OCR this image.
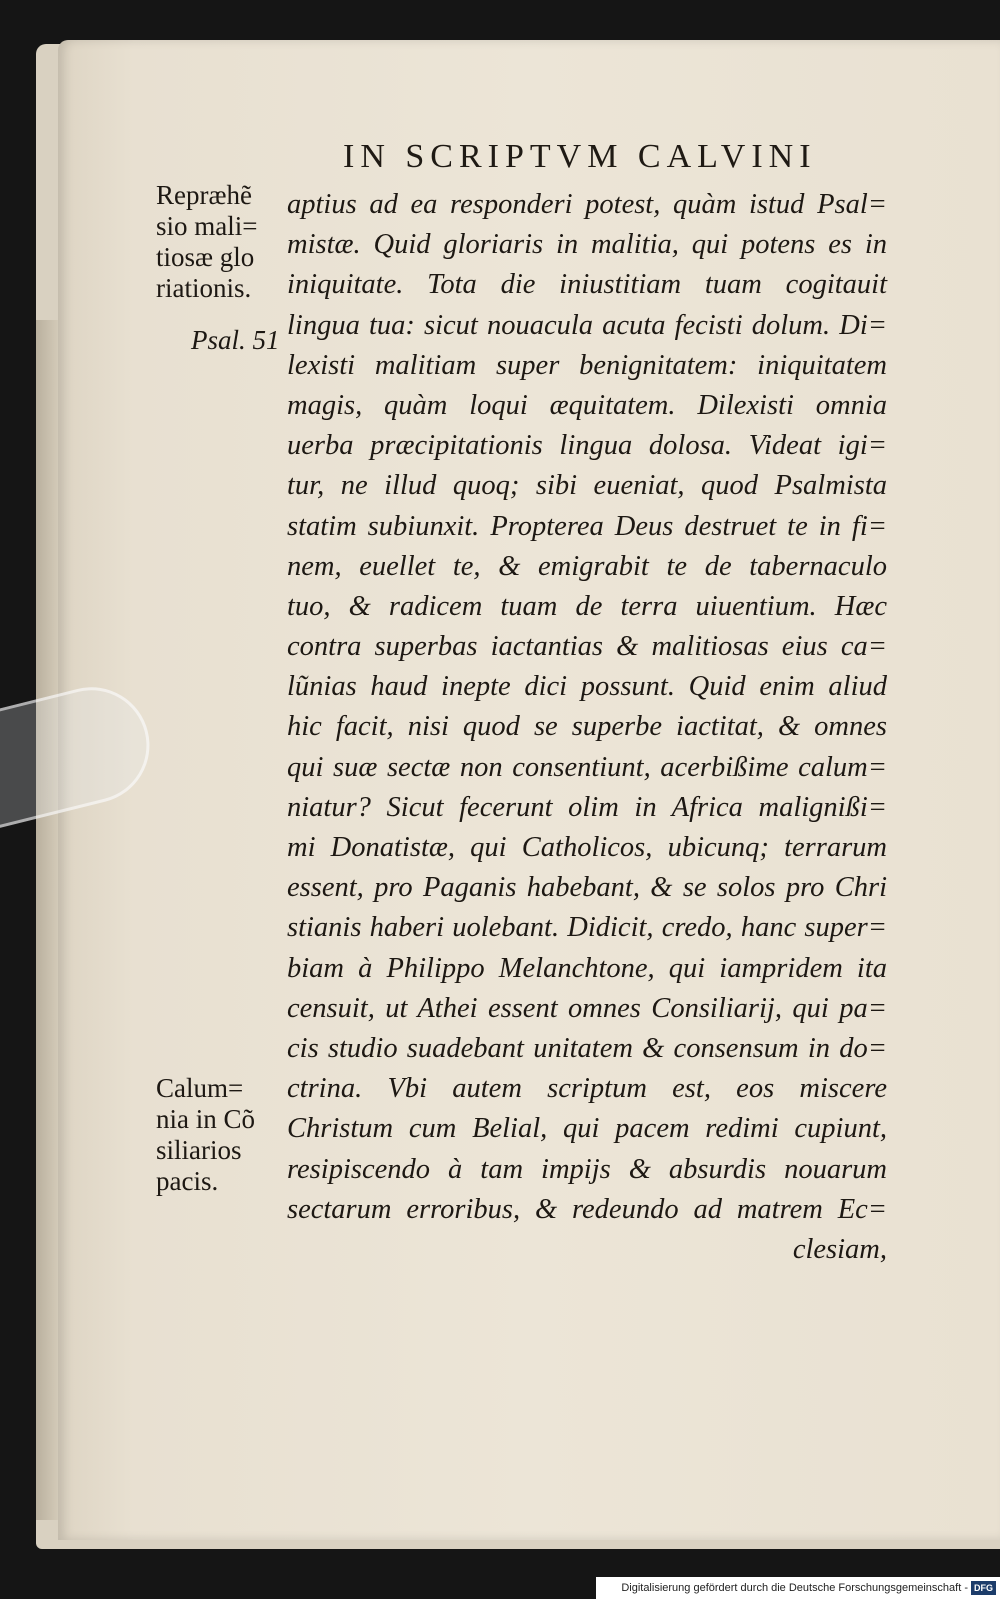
IN SCRIPTVM CALVINI
Repræhẽ
sio mali=
tiosæ glo
riationis.
Psal. 51
Calum=
nia in Cõ
siliarios
pacis.
aptius ad ea responderi potest, quàm istud Psal=
mistæ. Quid gloriaris in malitia, qui potens es in
iniquitate. Tota die iniustitiam tuam cogitauit
lingua tua: sicut nouacula acuta fecisti dolum. Di=
lexisti malitiam super benignitatem: iniquitatem
magis, quàm loqui æquitatem. Dilexisti omnia
uerba præcipitationis lingua dolosa. Videat igi=
tur, ne illud quoq; sibi eueniat, quod Psalmista
statim subiunxit. Propterea Deus destruet te in fi=
nem, euellet te, & emigrabit te de tabernaculo
tuo, & radicem tuam de terra uiuentium. Hæc
contra superbas iactantias & malitiosas eius ca=
lũnias haud inepte dici possunt. Quid enim aliud
hic facit, nisi quod se superbe iactitat, & omnes
qui suæ sectæ non consentiunt, acerbißime calum=
niatur? Sicut fecerunt olim in Africa malignißi=
mi Donatistæ, qui Catholicos, ubicunq; terrarum
essent, pro Paganis habebant, & se solos pro Chri
stianis haberi uolebant. Didicit, credo, hanc super=
biam à Philippo Melanchtone, qui iampridem ita
censuit, ut Athei essent omnes Consiliarij, qui pa=
cis studio suadebant unitatem & consensum in do=
ctrina. Vbi autem scriptum est, eos miscere
Christum cum Belial, qui pacem redimi cupiunt,
resipiscendo à tam impijs & absurdis nouarum
sectarum erroribus, & redeundo ad matrem Ec=
clesiam,
Digitalisierung gefördert durch die Deutsche Forschungsgemeinschaft - DFG
